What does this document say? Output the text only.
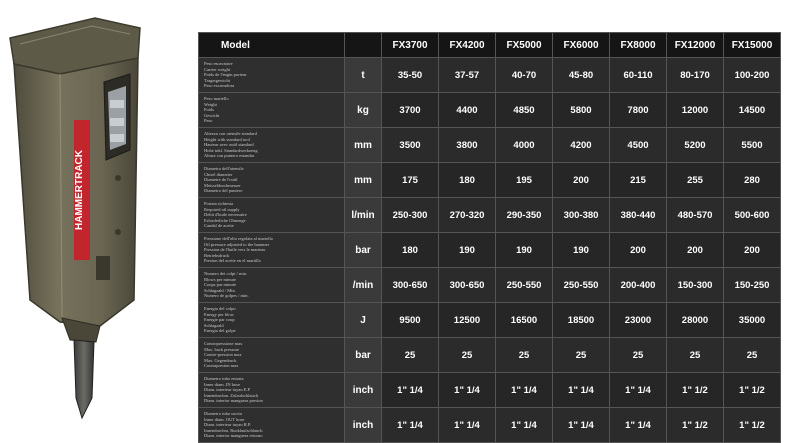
HAMMERTRACK
Model		FX3700	FX4200	FX5000	FX6000	FX8000	FX12000	FX15000

Peso escavatore
Carrier weight
Poids de l'engin porteur
Tragergewicht
Peso excavadora	t	35-50	37-57	40-70	45-80	60-110	80-170	100-200

Peso martello
Weight
Poids
Gewicht
Peso	kg	3700	4400	4850	5800	7800	12000	14500

Altezza con utensile standard
Height with standard tool
Hauteur avec outil standard
Hohe inkl. Standardwerkzeug
Altura con puntero estandar	mm	3500	3800	4000	4200	4500	5200	5500

Diametro dell'utensile
Chisel diameter
Diametre de l'outil
Meisseldurchmesser
Diametro del puntero	mm	175	180	195	200	215	255	280

Portata richiesta
Required oil supply
Debit d'huile necessaire
Erforderliche Olmenge
Caudal de aceite	l/min	250-300	270-320	290-350	300-380	380-440	480-570	500-600

Pressione dell'olio regolata al martello
Oil pressure adjusted to the hammer
Pression de l'huile vers le marteau
Betriebsdruck
Presion del aceite en el martillo	bar	180	190	190	190	200	200	200

Numero dei colpi / min.
Blows per minute
Coups par minute
Schlagzahl / Min.
Numero de golpes / min.	/min	300-650	300-650	250-550	250-550	200-400	150-300	150-250

Energia del colpo
Energy per blow
Energie par coup
Schlagzahl
Energia del golpe	J	9500	12500	16500	18500	23000	28000	35000

Contropressione max
Max. back pressure
Contre-pression max
Max. Gegendruck
Contrapresion max	bar	25	25	25	25	25	25	25

Diametro tubo entrata
Inner diam. IN hose
Diam. interieur tuyau E.P
Innendurchm. Zulaufschlauch
Diam. interior manguera presion	inch	1" 1/4	1" 1/4	1" 1/4	1" 1/4	1" 1/4	1" 1/2	1" 1/2

Diametro tubo uscita
Inner diam. OUT hose
Diam. interieur tuyau R.P.
Innendurchm. Rucklaufschlauch
Diam. interior manguera retorno	inch	1" 1/4	1" 1/4	1" 1/4	1" 1/4	1" 1/4	1" 1/2	1" 1/2
